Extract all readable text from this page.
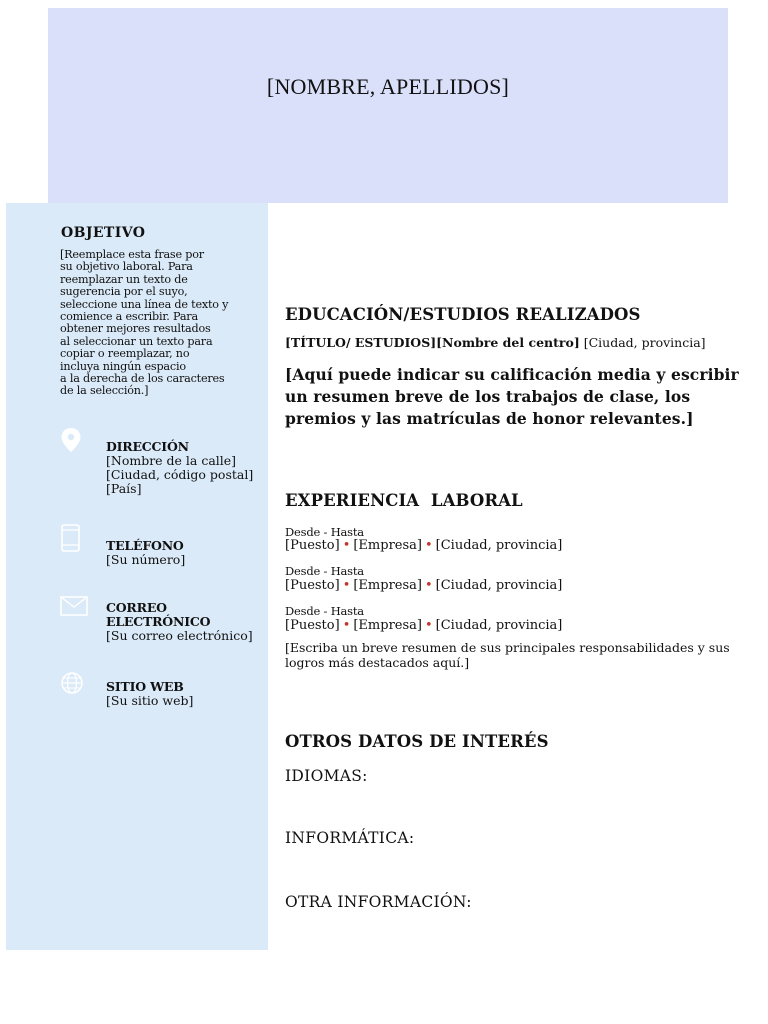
[NOMBRE, APELLIDOS]
OBJETIVO
[Reemplace esta frase por
su objetivo laboral. Para
reemplazar un texto de
sugerencia por el suyo,
seleccione una línea de texto y
comience a escribir. Para
obtener mejores resultados
al seleccionar un texto para
copiar o reemplazar, no
incluya ningún espacio
a la derecha de los caracteres
de la selección.]
DIRECCIÓN
[Nombre de la calle]
[Ciudad, código postal]
[País]
TELÉFONO
[Su número]
CORREO
ELECTRÓNICO
[Su correo electrónico]
SITIO WEB
[Su sitio web]
EDUCACIÓN/ESTUDIOS REALIZADOS
[TÍTULO/ ESTUDIOS][Nombre del centro] [Ciudad, provincia]
[Aquí puede indicar su calificación media y escribir un resumen breve de los trabajos de clase, los premios y las matrículas de honor relevantes.]
EXPERIENCIA  LABORAL
Desde - Hasta
[Puesto] • [Empresa] • [Ciudad, provincia]
Desde - Hasta
[Puesto] • [Empresa] • [Ciudad, provincia]
Desde - Hasta
[Puesto] • [Empresa] • [Ciudad, provincia]
[Escriba un breve resumen de sus principales responsabilidades y sus logros más destacados aquí.]
OTROS DATOS DE INTERÉS
IDIOMAS:
INFORMÁTICA:
OTRA INFORMACIÓN:
